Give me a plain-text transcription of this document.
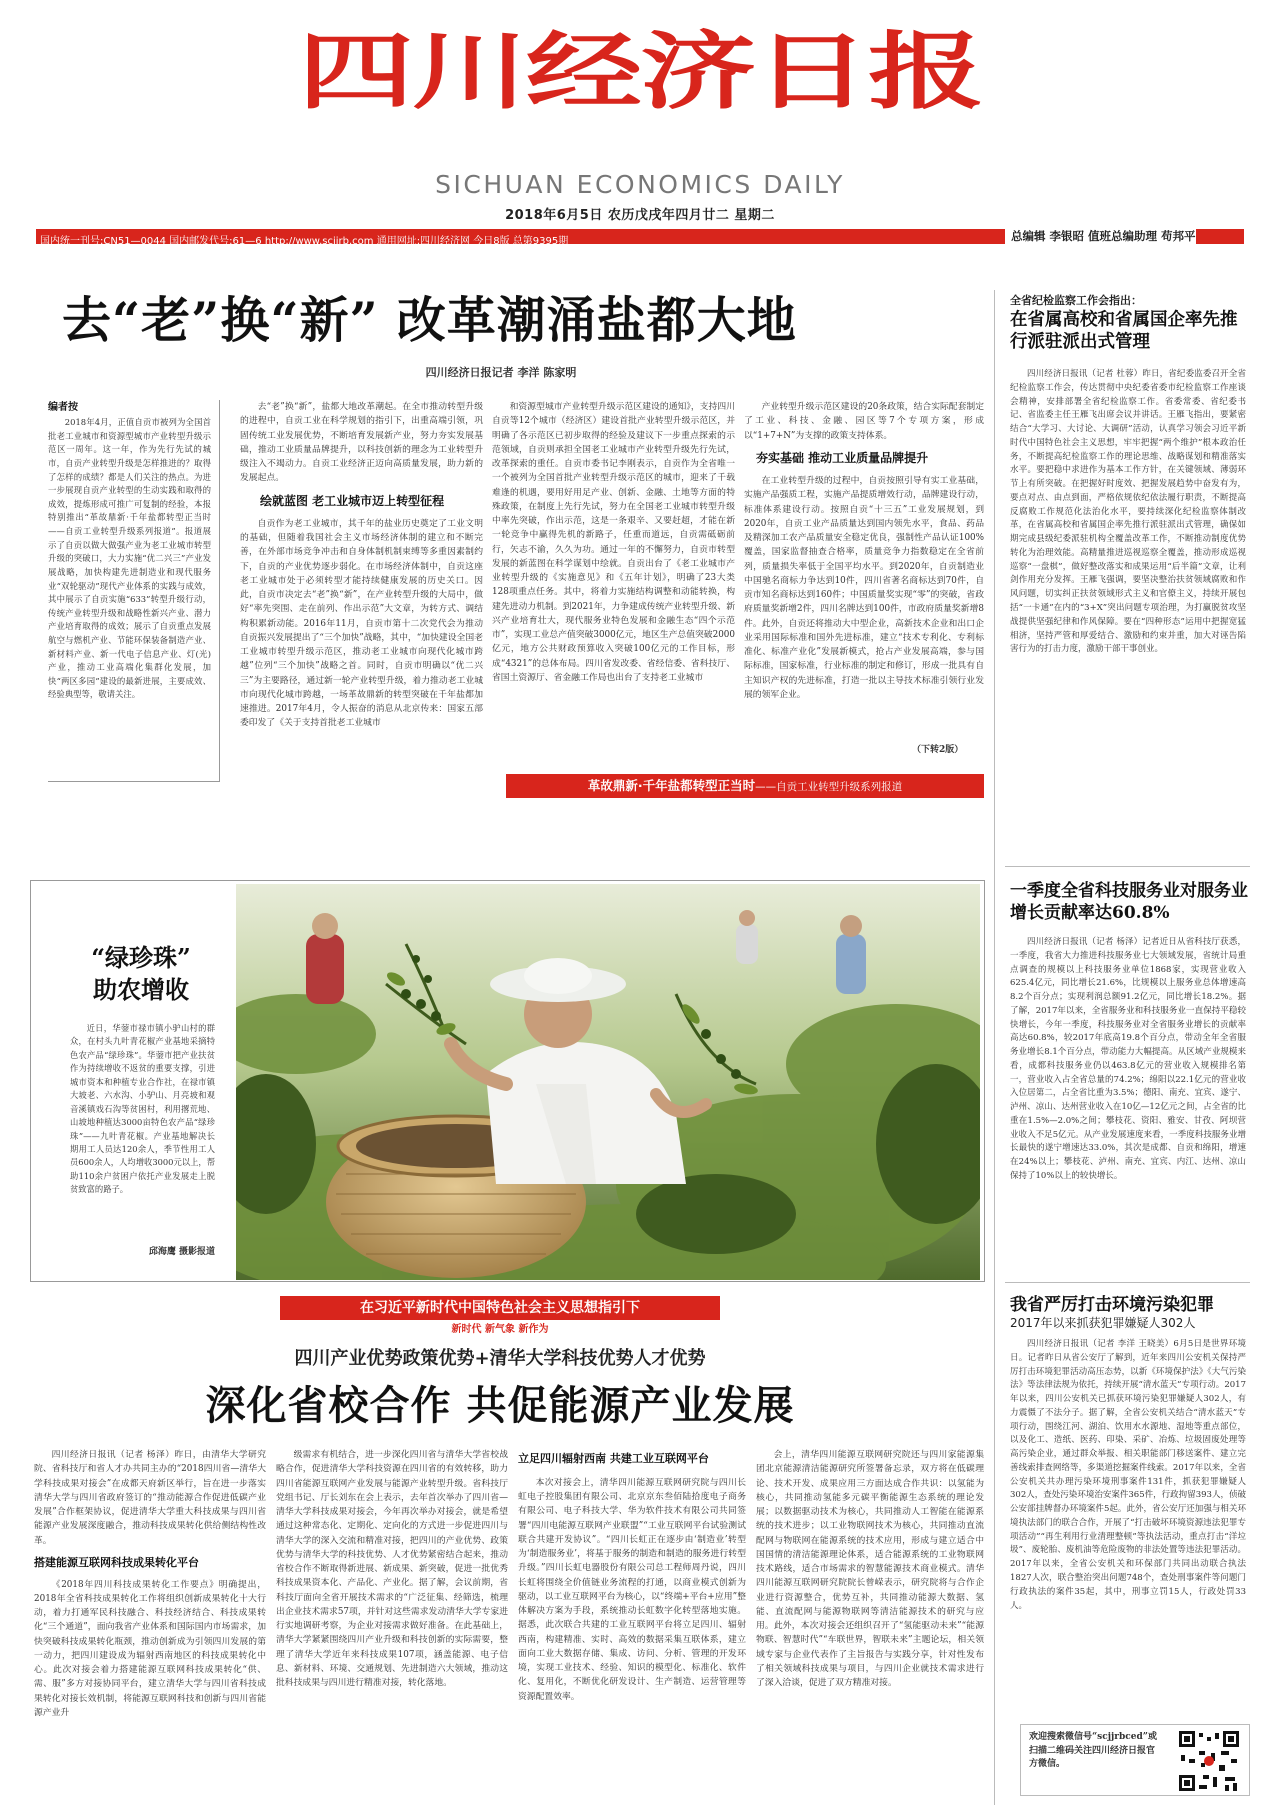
四川经济日报
SICHUAN ECONOMICS DAILY
2018年6月5日 农历戊戌年四月廿二 星期二
国内统一刊号:CN51—0044 国内邮发代号:61—6 http://www.scjjrb.com 通用网址:四川经济网 今日8版 总第9395期	总编辑 李银昭 值班总编助理 苟邦平
去“老”换“新” 改革潮涌盐都大地
四川经济日报记者 李洋 陈家明
编者按
2018年4月，正值自贡市被列为全国首批老工业城市和资源型城市产业转型升级示范区一周年。这一年，作为先行先试的城市，自贡产业转型升级是怎样推进的？取得了怎样的成绩？都是人们关注的热点。为进一步展现自贡产业转型的生动实践和取得的成效，提炼形成可推广可复制的经验，本报特别推出“革故鼎新·千年盐都转型正当时——自贡工业转型升级系列报道”。报道展示了自贡以做大做强产业为老工业城市转型升级的突破口，大力实施“优二兴三”产业发展战略，加快构建先进制造业和现代服务业“双轮驱动”现代产业体系的实践与成效，其中展示了自贡实施“633”转型升级行动，传统产业转型升级和战略性新兴产业、潜力产业培育取得的成效；展示了自贡重点发展航空与燃机产业、节能环保装备制造产业、新材料产业、新一代电子信息产业、灯(光)产业，推动工业高端化集群化发展，加快“两区多园”建设的最新进展，主要成效、经验典型等，敬请关注。

去“老”换“新”，盐都大地改革潮起。在全市推动转型升级的进程中，自贡工业在科学规划的指引下，出重高端引领，巩固传统工业发展优势，不断培育发展新产业，努力夯实发展基础，推动工业质量品牌提升，以科技创新的理念为工业转型升级注入不竭动力。自贡工业经济正迈向高质量发展，助力新的发展起点。

绘就蓝图 老工业城市迈上转型征程

自贡作为老工业城市，其千年的盐业历史奠定了工业文明的基础，但随着我国社会主义市场经济体制的建立和不断完善，在外部市场竞争冲击和自身体制机制束缚等多重因素制约下，自贡的产业优势逐步弱化。在市场经济体制中，自贡这座老工业城市处于必须转型才能持续健康发展的历史关口。因此，自贡市决定去“老”换“新”，在产业转型升级的大局中，做好“率先突围、走在前列、作出示范”大文章，为转方式、调结构积累新动能。2016年11月，自贡市第十二次党代会为推动自贡振兴发展提出了“三个加快”战略，其中，“加快建设全国老工业城市转型升级示范区，推动老工业城市向现代化城市跨越”位列“三个加快”战略之首。同时，自贡市明确以“优二兴三”为主要路径，通过新一轮产业转型升级，着力推动老工业城市向现代化城市跨越，一场革故鼎新的转型突破在千年盐都加速推进。2017年4月，令人振奋的消息从北京传来：国家五部委印发了《关于支持首批老工业城市

和资源型城市产业转型升级示范区建设的通知》，支持四川自贡等12个城市（经济区）建设首批产业转型升级示范区，并明确了各示范区已初步取得的经验及建议下一步重点探索的示范领域，自贡则承担全国老工业城市产业转型升级先行先试，改革探索的重任。自贡市委书记李刚表示，自贡作为全省唯一一个被列为全国首批产业转型升级示范区的城市，迎来了千载难逢的机遇，要用好用足产业、创新、金融、土地等方面的特殊政策，在制度上先行先试，努力在全国老工业城市转型升级中率先突破，作出示范，这是一条艰辛、又要赶超，才能在新一轮竞争中赢得先机的新路子，任重而道远，自贡需砥砺前行，矢志不渝，久久为功。通过一年的不懈努力，自贡市转型发展的新蓝图在科学谋划中绘就。自贡出台了《老工业城市产业转型升级的《实施意见》和《五年计划》，明确了23大类128项重点任务。其中，将着力实施结构调整和动能转换，构建先进动力机制。到2021年，力争建成传统产业转型升级、新兴产业培育壮大，现代服务业特色发展和金融生态“四个示范市”，实现工业总产值突破3000亿元，地区生产总值突破2000亿元，地方公共财政预算收入突破100亿元的工作目标，形成“4321”的总体布局。四川省发改委、省经信委、省科技厅、省国土资源厅、省金融工作局也出台了支持老工业城市

产业转型升级示范区建设的20条政策，结合实际配套制定了工业、科技、金融、园区等7个专项方案，形成以“1+7+N”为支撑的政策支持体系。

夯实基础 推动工业质量品牌提升

在工业转型升级的过程中，自贡按照引导有实工业基础，实施产品强质工程，实施产品提质增效行动，品牌建设行动，标准体系建设行动。按照自贡“十三五”工业发展规划，到2020年，自贡工业产品质量达到国内领先水平，食品、药品及精深加工农产品质量安全稳定优良，强制性产品认证100%覆盖，国家监督抽查合格率，质量竞争力指数稳定在全省前列，质量损失率低于全国平均水平。到2020年，自贡制造业中国驰名商标力争达到10件，四川省著名商标达到70件，自贡市知名商标达到160件；中国质量奖实现“零”的突破，省政府质量奖新增2件，四川名牌达到100件，市政府质量奖新增8件。此外，自贡还将推动大中型企业，高新技术企业和出口企业采用国际标准和国外先进标准，建立“技术专利化、专利标准化、标准产业化”发展新模式，抢占产业发展高端，参与国际标准，国家标准，行业标准的制定和修订，形成一批具有自主知识产权的先进标准，打造一批以主导技术标准引领行业发展的领军企业。

（下转2版）
革故鼎新·千年盐都转型正当时——自贡工业转型升级系列报道
全省纪检监察工作会指出：
在省属高校和省属国企率先推行派驻派出式管理

四川经济日报讯（记者 杜蓉）昨日，省纪委监委召开全省纪检监察工作会，传达贯彻中央纪委省委市纪检监察工作座谈会精神，安排部署全省纪检监察工作。省委常委、省纪委书记、省监委主任王雁飞出席会议并讲话。王雁飞指出，要紧密结合“大学习、大讨论、大调研”活动，认真学习领会习近平新时代中国特色社会主义思想，牢牢把握“两个维护”根本政治任务，不断提高纪检监察工作的理论思维、战略谋划和精准落实水平。要把稳中求进作为基本工作方针，在关键领域、薄弱环节上有所突破。在把握好时度效、把握发展趋势中奋发有为，要点对点、由点到面，严格依规依纪依法履行职责，不断提高反腐败工作规范化法治化水平，要持续深化纪检监察体制改革，在省属高校和省属国企率先推行派驻派出式管理，确保如期完成县级纪委派驻机构全覆盖改革工作，不断推动制度优势转化为治理效能。高精量推进巡视巡察全覆盖，推动形成巡视巡察“一盘棋”，做好整改落实和成果运用“后半篇”文章，让利剑作用充分发挥。王雁飞强调，要坚决整治扶贫领域腐败和作风问题，切实纠正扶贫领域形式主义和官僚主义，持续开展包括“一卡通”在内的“3+X”突出问题专项治理，为打赢脱贫攻坚战提供坚强纪律和作风保障。要在“四种形态”运用中把握宽猛相济，坚持严管和厚爱结合、激励和约束并重，加大对诬告陷害行为的打击力度，激励干部干事创业。

一季度全省科技服务业对服务业增长贡献率达60.8%

四川经济日报讯（记者 杨泽）记者近日从省科技厅获悉，一季度，我省大力推进科技服务业七大领域发展，省统计局重点调查的规模以上科技服务业单位1868家，实现营业收入625.4亿元，同比增长21.6%，比规模以上服务业总体增速高8.2个百分点；实现利润总额91.2亿元，同比增长18.2%。据了解，2017年以来，全省服务业和科技服务业一直保持平稳较快增长，今年一季度，科技服务业对全省服务业增长的贡献率高达60.8%，较2017年底高19.8个百分点，带动全年全省服务业增长8.1个百分点，带动能力大幅提高。从区域产业规模来看，成都科技服务业仍以463.8亿元的营业收入规模排名第一，营业收入占全省总量的74.2%；绵阳以22.1亿元的营业收入位居第二，占全省比重为3.5%；德阳、南充、宜宾、遂宁、泸州、凉山、达州营业收入在10亿—12亿元之间，占全省的比重在1.5%—2.0%之间；攀枝花、资阳、雅安、甘孜、阿坝营业收入不足5亿元。从产业发展速度来看，一季度科技服务业增长最快的遂宁增速达33.0%，其次是成都、自贡和绵阳，增速在24%以上；攀枝花、泸州、南充、宜宾、内江、达州、凉山保持了10%以上的较快增长。

我省严厉打击环境污染犯罪
2017年以来抓获犯罪嫌疑人302人

四川经济日报讯（记者 李洋 王晓美）6月5日是世界环境日。记者昨日从省公安厅了解到，近年来四川公安机关保持严厉打击环境犯罪活动高压态势，以新《环境保护法》《大气污染法》等法律法规为依托，持续开展“清水蓝天”专项行动。2017年以来，四川公安机关已抓获环境污染犯罪嫌疑人302人，有力震慑了不法分子。据了解，全省公安机关结合“清水蓝天”专项行动，围绕江河、湖泊、饮用水水源地、湿地等重点部位，以及化工、造纸、医药、印染、采矿、冶炼、垃圾固废处理等高污染企业，通过群众举报、相关职能部门移送案件、建立完善线索排查网络等，多渠道挖掘案件线索。2017年以来，全省公安机关共办理污染环境刑事案件131件，抓获犯罪嫌疑人302人，查处污染环境治安案件365件，行政拘留393人，侦破公安部挂牌督办环境案件5起。此外，省公安厅还加强与相关环境执法部门的联合合作，开展了“打击破坏环境资源违法犯罪专项活动”“再生利用行业清理整顿”等执法活动，重点打击“洋垃圾”、废轮胎、废机油等危险废物的非法处置等违法犯罪活动。2017年以来，全省公安机关和环保部门共同出动联合执法1827人次，联合整治突出问题748个，查处刑事案件等问题门行政执法的案件35起，其中，刑事立罚15人，行政处罚33人。

欢迎搜索微信号“scjjrbced”或扫描二维码关注四川经济日报官方微信。
“绿珍珠”
助农增收

近日，华蓥市禄市镇小驴山村的群众，在村头九叶青花椒产业基地采摘特色农产品“绿珍珠”。华蓥市把产业扶贫作为持续增收不返贫的重要支撑，引进城市资本和种植专业合作社，在禄市镇大坡老、六水沟、小驴山、月亮坡和观音溪镇戏石沟等贫困村，利用撂荒地、山坡地种植达3000亩特色农产品“绿珍珠”——九叶青花椒。产业基地解决长期用工人员达120余人，季节性用工人员600余人，人均增收3000元以上，帮助110余户贫困户依托产业发展走上脱贫致富的路子。

邱海鹰 摄影报道
在习近平新时代中国特色社会主义思想指引下
新时代 新气象 新作为
四川产业优势政策优势+清华大学科技优势人才优势
深化省校合作 共促能源产业发展

四川经济日报讯（记者 杨泽）昨日，由清华大学研究院、省科技厅和省人才办共同主办的“2018四川省—清华大学科技成果对接会”在成都天府新区举行，旨在进一步落实清华大学与四川省政府签订的“推动能源合作促进低碳产业发展”合作框架协议，促进清华大学重大科技成果与四川省能源产业发展深度融合，推动科技成果转化供给侧结构性改革。

搭建能源互联网科技成果转化平台

《2018年四川科技成果转化工作要点》明确提出，2018年全省科技成果转化工作将组织创新成果转化十大行动，着力打通军民科技融合、科技经济结合、科技成果转化“三个通道”，面向我省产业体系和国际国内市场需求，加快突破科技成果转化瓶颈，推动创新成为引领四川发展的第一动力，把四川建设成为辐射西南地区的科技成果转化中心。此次对接会着力搭建能源互联网科技成果转化“供、需、服”多方对接协同平台，建立清华大学与四川省科技成果转化对接长效机制，将能源互联网科技和创新与四川省能源产业升

级需求有机结合，进一步深化四川省与清华大学省校战略合作，促进清华大学科技资源在四川省的有效转移，助力四川省能源互联网产业发展与能源产业转型升级。省科技厅党组书记、厅长刘东在会上表示，去年首次举办了四川省—清华大学科技成果对接会，今年再次举办对接会，就是希望通过这种常态化、定期化、定向化的方式进一步促进四川与清华大学的深入交流和精准对接，把四川的产业优势、政策优势与清华大学的科技优势、人才优势紧密结合起来，推动省校合作不断取得新进展、新成果、新突破，促进一批优秀科技成果资本化、产品化、产业化。据了解，会议前期，省科技厅面向全省开展技术需求的“广泛征集、经筛选，梳理出企业技术需求57项，并针对这些需求发动清华大学专家进行实地调研考察，为企业对接需求做好准备。在此基础上，清华大学紧紧围绕四川产业升级和科技创新的实际需要，整理了清华大学近年来科技成果107项，涵盖能源、电子信息、新材料、环境、交通规划、先进制造六大领域，推动这批科技成果与四川进行精准对接，转化落地。

立足四川辐射西南 共建工业互联网平台

本次对接会上，清华四川能源互联网研究院与四川长虹电子控股集团有限公司、北京京东叁佰陆拾度电子商务有限公司、电子科技大学、华为软件技术有限公司共同签署“四川电能源互联网产业联盟”“工业互联网平台试验测试联合共建开发协议”。“四川长虹正在逐步由‘制造业’转型为‘制造服务业’，将基于服务的制造和制造的服务进行转型升级。”四川长虹电器股份有限公司总工程师周丹说，四川长虹将围绕全价值链业务流程的打通，以商业模式创新为驱动，以工业互联网平台为核心，以“终端+平台+应用”整体解决方案为手段，系统推动长虹数字化转型落地实施。据悉，此次联合共建的工业互联网平台将立足四川、辐射西南，构建精准、实时、高效的数据采集互联体系，建立面向工业大数据存储、集成、访问、分析、管理的开发环境，实现工业技术、经验、知识的模型化、标准化、软件化、复用化，不断优化研发设计、生产制造、运营管理等资源配置效率。

会上，清华四川能源互联网研究院还与四川家能源集团北京能源清洁能源研究所签署备忘录，双方将在低碳理论、技术开发、成果应用三方面达成合作共识：以氢能为核心，共同推动氢能多元碳平衡能源生态系统的理论发展；以数据驱动技术为核心，共同推动人工智能在能源系统的技术进步；以工业物联网技术为核心，共同推动直流配网与物联网在能源系统的技术应用，形成与建立适合中国国情的清洁能源理论体系，适合能源系统的工业物联网技术路线，适合市场需求的智慧能源技术商业模式。清华四川能源互联网研究院院长曾嵘表示，研究院将与合作企业进行资源整合，优势互补，共同推动能源大数据、氢能、直流配网与能源物联网等清洁能源技术的研究与应用。此外，本次对接会还组织召开了“氢能驱动未来”“能源物联、智慧时代”“车联世界，智联未来”主题论坛，相关领域专家与企业代表作了主旨报告与实践分享，针对性发布了相关领域科技成果与项目，与四川企业就技术需求进行了深入洽谈，促进了双方精准对接。
